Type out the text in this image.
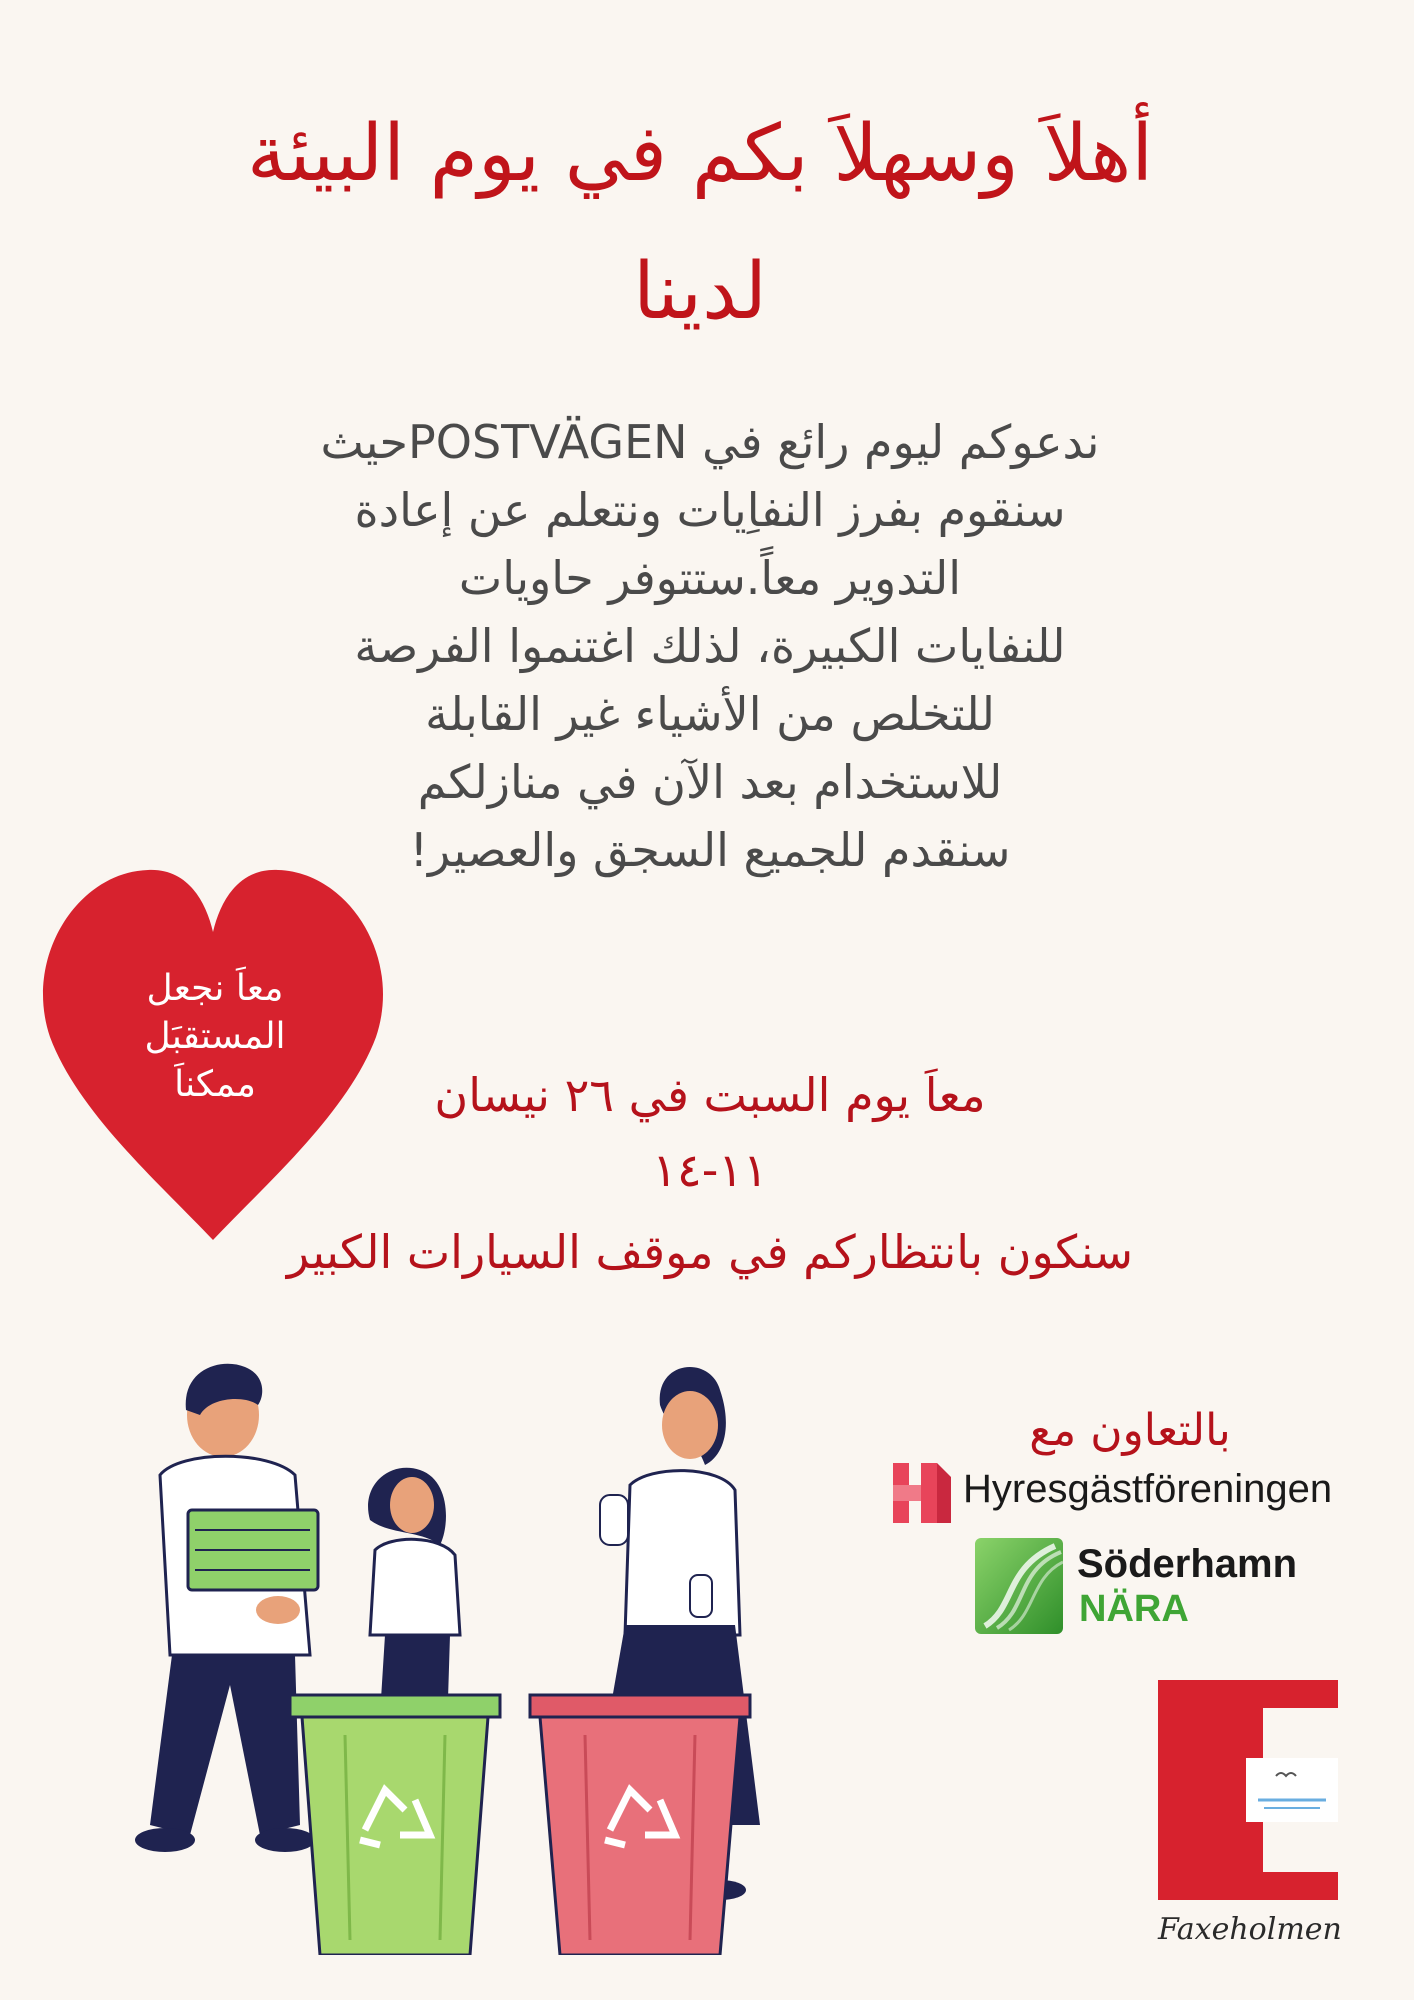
أهلاَ وسهلاَ بكم في يوم البيئة
لدينا
ندعوكم ليوم رائع في POSTVÄGENحيث
سنقوم بفرز النفاِيات ونتعلم عن إعادة
التدوير معاً.ستتوفر حاويات
للنفايات الكبيرة، لذلك اغتنموا الفرصة
للتخلص من الأشياء غير القابلة
للاستخدام بعد الآن في منازلكم
سنقدم للجميع السجق والعصير!
معاَ نجعل
المستقبَل
ممكناَ	معاَ يوم السبت في ٢٦ نيسان
١١-١٤
سنكون بانتظاركم في موقف السيارات الكبير
بالتعاون مع
Hyresgästföreningen
Söderhamn
NÄRA
Faxeholmen
